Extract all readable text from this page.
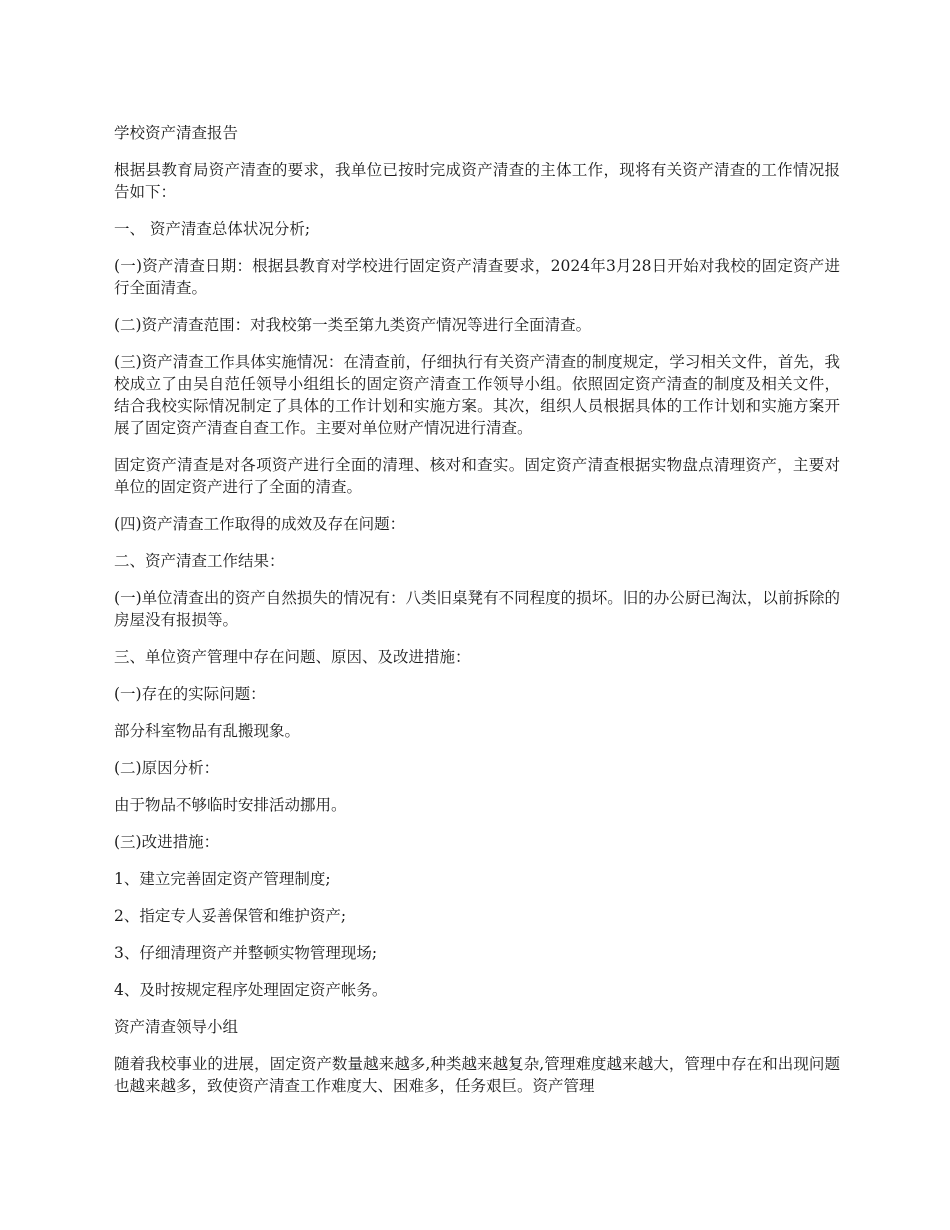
学校资产清查报告

根据县教育局资产清查的要求，我单位已按时完成资产清查的主体工作，现将有关资产清查的工作情况报告如下：

一、 资产清查总体状况分析;

(一)资产清查日期：根据县教育对学校进行固定资产清查要求，2024年3月28日开始对我校的固定资产进行全面清查。

(二)资产清查范围：对我校第一类至第九类资产情况等进行全面清查。

(三)资产清查工作具体实施情况：在清查前，仔细执行有关资产清查的制度规定，学习相关文件，首先，我校成立了由吴自范任领导小组组长的固定资产清查工作领导小组。依照固定资产清查的制度及相关文件，结合我校实际情况制定了具体的工作计划和实施方案。其次，组织人员根据具体的工作计划和实施方案开展了固定资产清查自查工作。主要对单位财产情况进行清查。

固定资产清查是对各项资产进行全面的清理、核对和查实。固定资产清查根据实物盘点清理资产，主要对单位的固定资产进行了全面的清查。

(四)资产清查工作取得的成效及存在问题：

二、资产清查工作结果：

(一)单位清查出的资产自然损失的情况有：八类旧桌凳有不同程度的损坏。旧的办公厨已淘汰，以前拆除的房屋没有报损等。

三、单位资产管理中存在问题、原因、及改进措施：

(一)存在的实际问题：

部分科室物品有乱搬现象。

(二)原因分析：

由于物品不够临时安排活动挪用。

(三)改进措施：

1、建立完善固定资产管理制度;

2、指定专人妥善保管和维护资产;

3、仔细清理资产并整顿实物管理现场;

4、及时按规定程序处理固定资产帐务。

资产清查领导小组

随着我校事业的进展，固定资产数量越来越多,种类越来越复杂,管理难度越来越大，管理中存在和出现问题也越来越多，致使资产清查工作难度大、困难多，任务艰巨。资产管理
